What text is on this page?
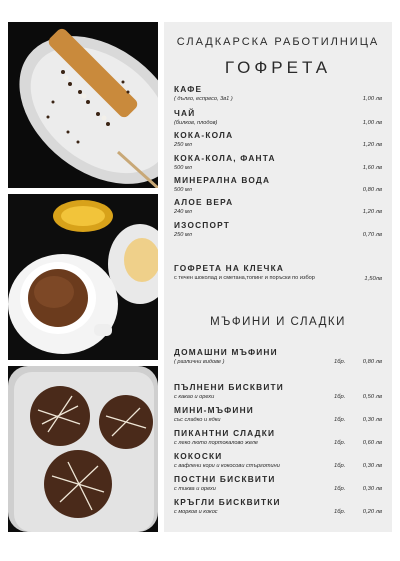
СЛАДКАРСКА РАБОТИЛНИЦА
ГОФРЕТА
КАФЕ
( дълго, еспресо, 3в1 )	1,00 лв
ЧАЙ
(билков, плодов)	1,00 лв
КОКА-КОЛА
250 мл	1,20 лв
КОКА-КОЛА, ФАНТА
500 мл	1,60 лв
МИНЕРАЛНА ВОДА
500 мл	0,80 лв
АЛОЕ ВЕРА
240 мл	1,20 лв
ИЗОСПОРТ
250 мл	0,70 лв
ГОФРЕТА НА КЛЕЧКА
с течен шоколад и сметана,топинг и поръски по избор	1,50лв
МЪФИНИ И СЛАДКИ
ДОМАШНИ МЪФИНИ
( различни видове )	1бр.	0,80 лв
ПЪЛНЕНИ БИСКВИТИ
с какао и орехи	1бр.	0,50 лв
МИНИ-МЪФИНИ
със сладко и ядки	1бр.	0,30 лв
ПИКАНТНИ СЛАДКИ
с леко люто портокалово желе	1бр.	0,60 лв
КОКОСКИ
с вафлени кори и кокосови стърготини	1бр.	0,30 лв
ПОСТНИ БИСКВИТИ
с тиква и орехи	1бр.	0,30 лв
КРЪГЛИ БИСКВИТКИ
с морков и кокос	1бр.	0,20 лв
